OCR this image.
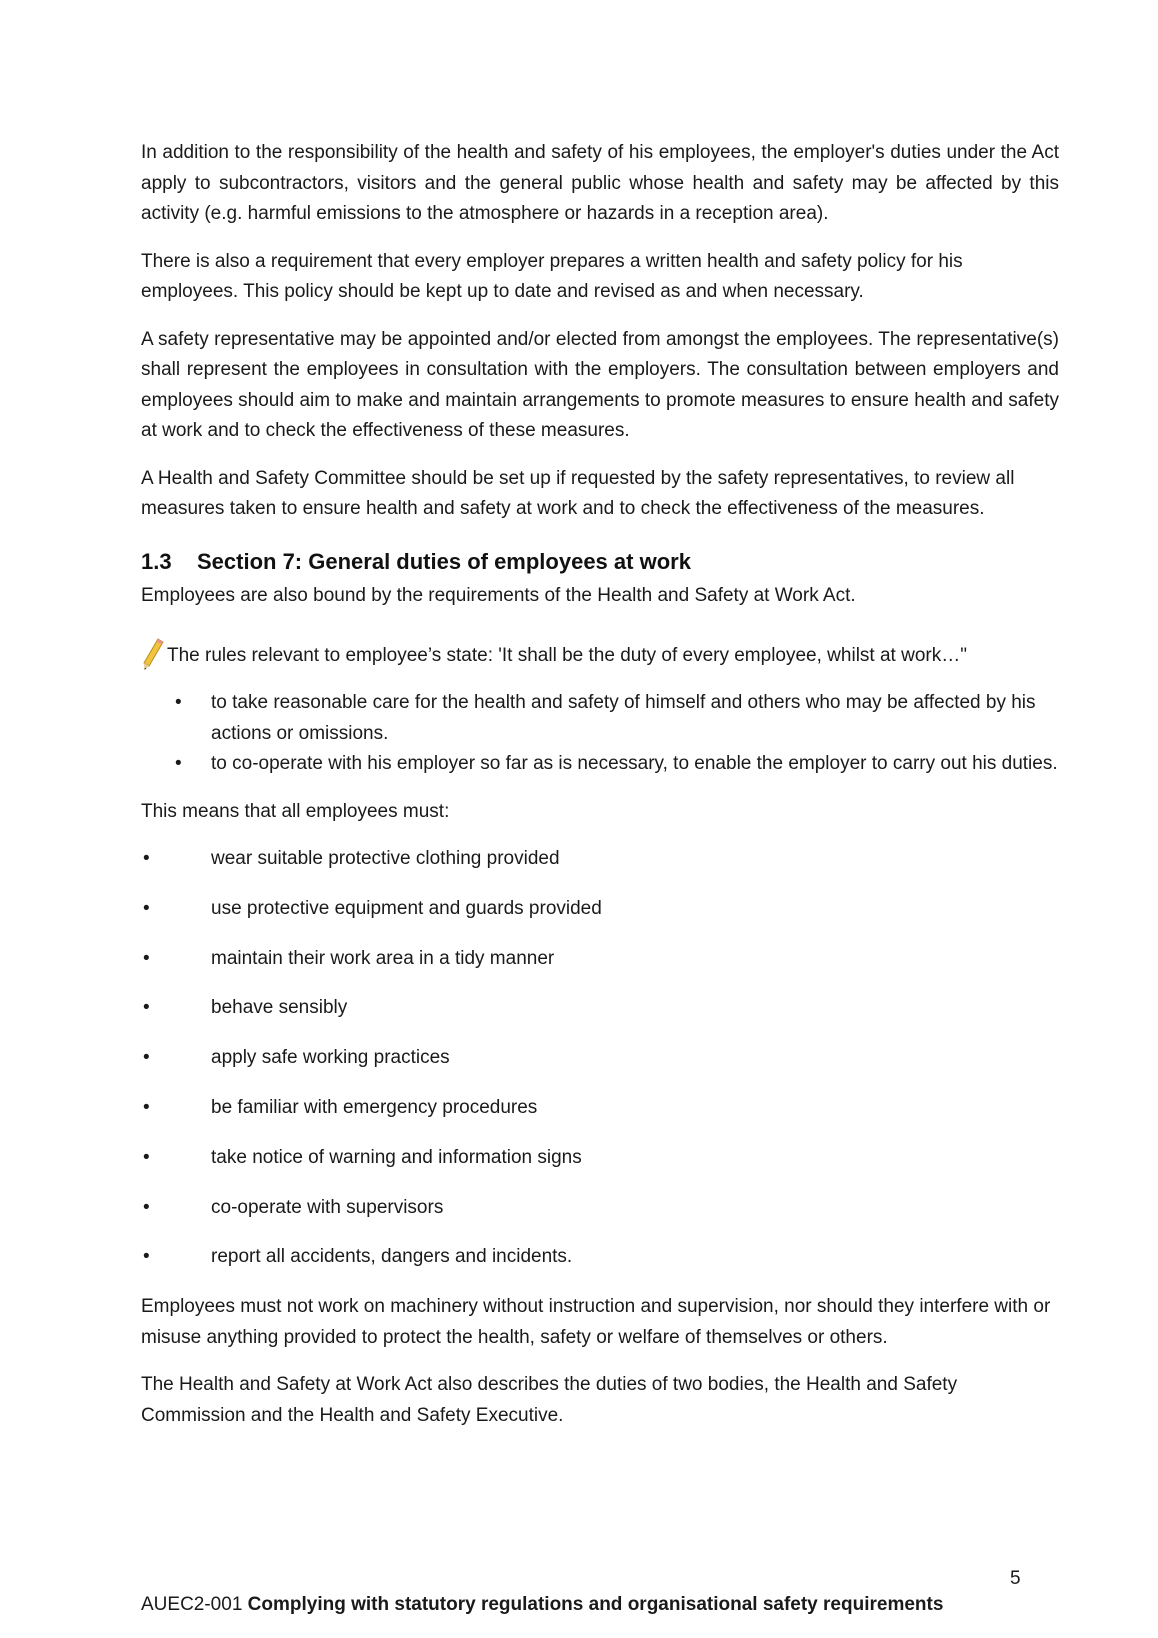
In addition to the responsibility of the health and safety of his employees, the employer's duties under the Act apply to subcontractors, visitors and the general public whose health and safety may be affected by this activity (e.g. harmful emissions to the atmosphere or hazards in a reception area).

There is also a requirement that every employer prepares a written health and safety policy for his employees. This policy should be kept up to date and revised as and when necessary.

A safety representative may be appointed and/or elected from amongst the employees. The representative(s) shall represent the employees in consultation with the employers. The consultation between employers and employees should aim to make and maintain arrangements to promote measures to ensure health and safety at work and to check the effectiveness of these measures.

A Health and Safety Committee should be set up if requested by the safety representatives, to review all measures taken to ensure health and safety at work and to check the effectiveness of the measures.

1.3 Section 7: General duties of employees at work

Employees are also bound by the requirements of the Health and Safety at Work Act.

The rules relevant to employee’s state: 'It shall be the duty of every employee, whilst at work…"

• to take reasonable care for the health and safety of himself and others who may be affected by his actions or omissions.
• to co-operate with his employer so far as is necessary, to enable the employer to carry out his duties.

This means that all employees must:

• wear suitable protective clothing provided
• use protective equipment and guards provided
• maintain their work area in a tidy manner
• behave sensibly
• apply safe working practices
• be familiar with emergency procedures
• take notice of warning and information signs
• co-operate with supervisors
• report all accidents, dangers and incidents.

Employees must not work on machinery without instruction and supervision, nor should they interfere with or misuse anything provided to protect the health, safety or welfare of themselves or others.

The Health and Safety at Work Act also describes the duties of two bodies, the Health and Safety Commission and the Health and Safety Executive.

5
AUEC2-001 Complying with statutory regulations and organisational safety requirements
